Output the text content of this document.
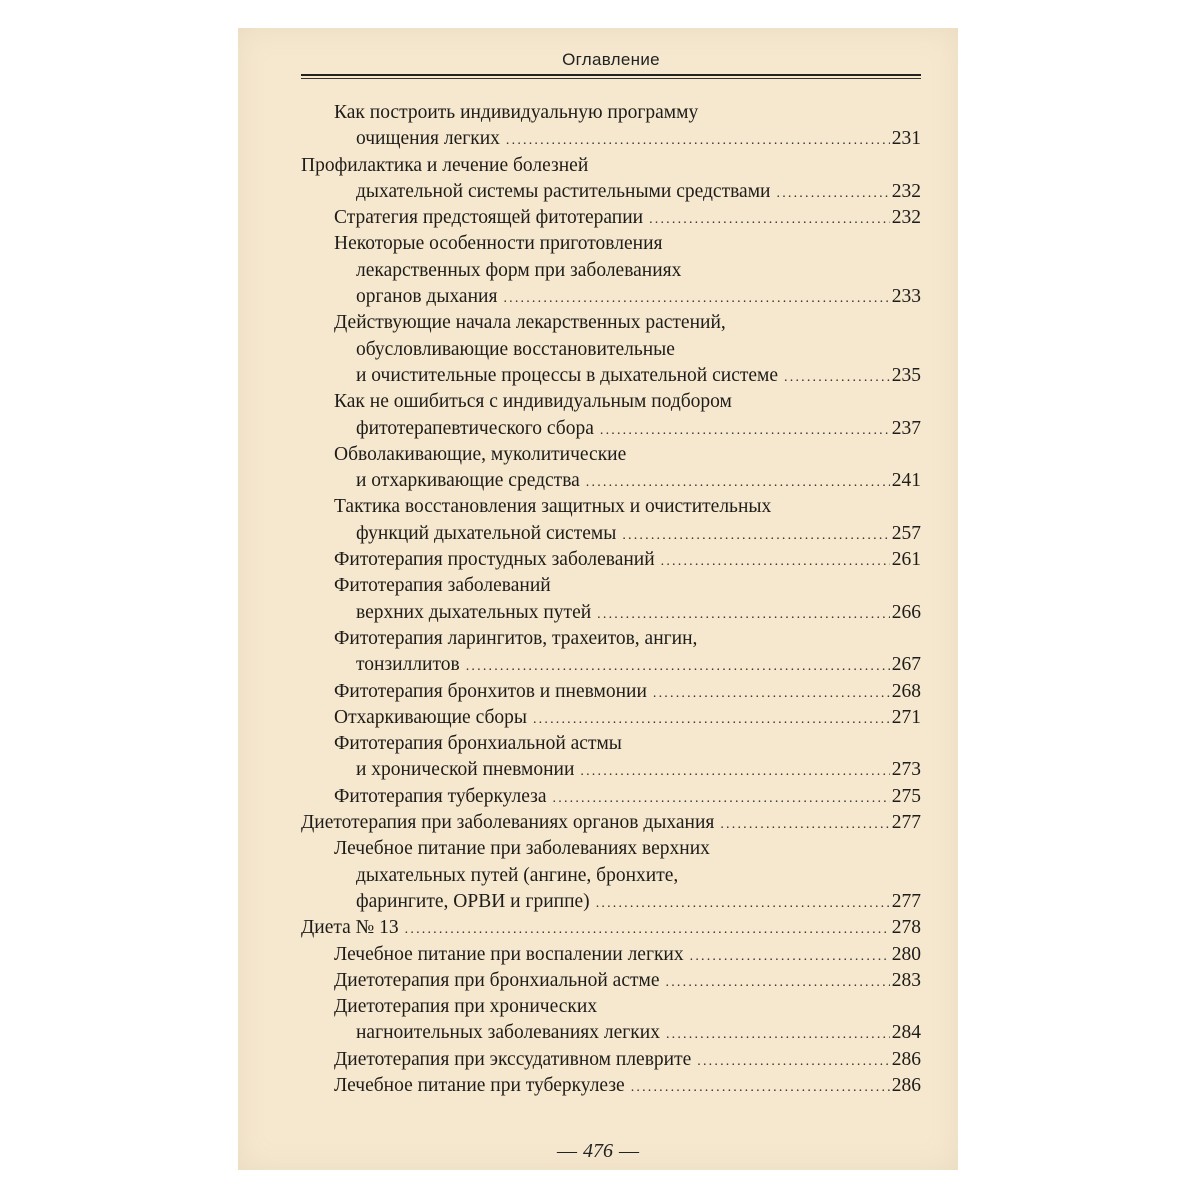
Оглавление
Как построить индивидуальную программу
очищения легких .....	231
Профилактика и лечение болезней
дыхательной системы растительными средствами .....	232
Стратегия предстоящей фитотерапии .....	232
Некоторые особенности приготовления
лекарственных форм при заболеваниях
органов дыхания .....	233
Действующие начала лекарственных растений,
обусловливающие восстановительные
и очистительные процессы в дыхательной системе .....	235
Как не ошибиться с индивидуальным подбором
фитотерапевтического сбора .....	237
Обволакивающие, муколитические
и отхаркивающие средства .....	241
Тактика восстановления защитных и очистительных
функций дыхательной системы .....	257
Фитотерапия простудных заболеваний .....	261
Фитотерапия заболеваний
верхних дыхательных путей .....	266
Фитотерапия ларингитов, трахеитов, ангин,
тонзиллитов .....	267
Фитотерапия бронхитов и пневмонии .....	268
Отхаркивающие сборы .....	271
Фитотерапия бронхиальной астмы
и хронической пневмонии .....	273
Фитотерапия туберкулеза .....	275
Диетотерапия при заболеваниях органов дыхания .....	277
Лечебное питание при заболеваниях верхних
дыхательных путей (ангине, бронхите,
фарингите, ОРВИ и гриппе) .....	277
Диета № 13 .....	278
Лечебное питание при воспалении легких .....	280
Диетотерапия при бронхиальной астме .....	283
Диетотерапия при хронических
нагноительных заболеваниях легких .....	284
Диетотерапия при экссудативном плеврите .....	286
Лечебное питание при туберкулезе .....	286
— 476 —
